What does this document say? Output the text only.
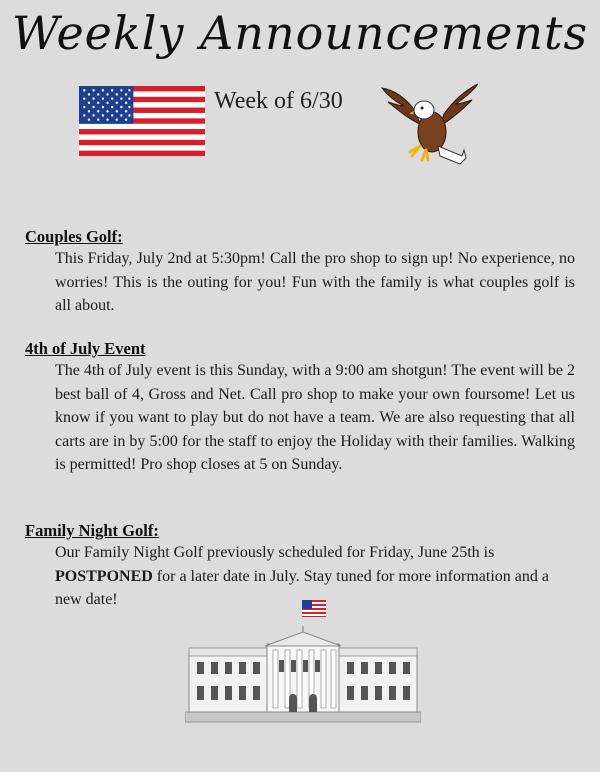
Weekly Announcements
Week of 6/30

Couples Golf:

This Friday, July 2nd at 5:30pm! Call the pro shop to sign up! No experience, no worries! This is the outing for you! Fun with the family is what couples golf is all about.

4th of July Event

The 4th of July event is this Sunday, with a 9:00 am shotgun! The event will be 2 best ball of 4, Gross and Net. Call pro shop to make your own foursome! Let us know if you want to play but do not have a team. We are also requesting that all carts are in by 5:00 for the staff to enjoy the Holiday with their families. Walking is permitted! Pro shop closes at 5 on Sunday.

Family Night Golf:

Our Family Night Golf previously scheduled for Friday, June 25th is POSTPONED for a later date in July. Stay tuned for more information and a new date!
